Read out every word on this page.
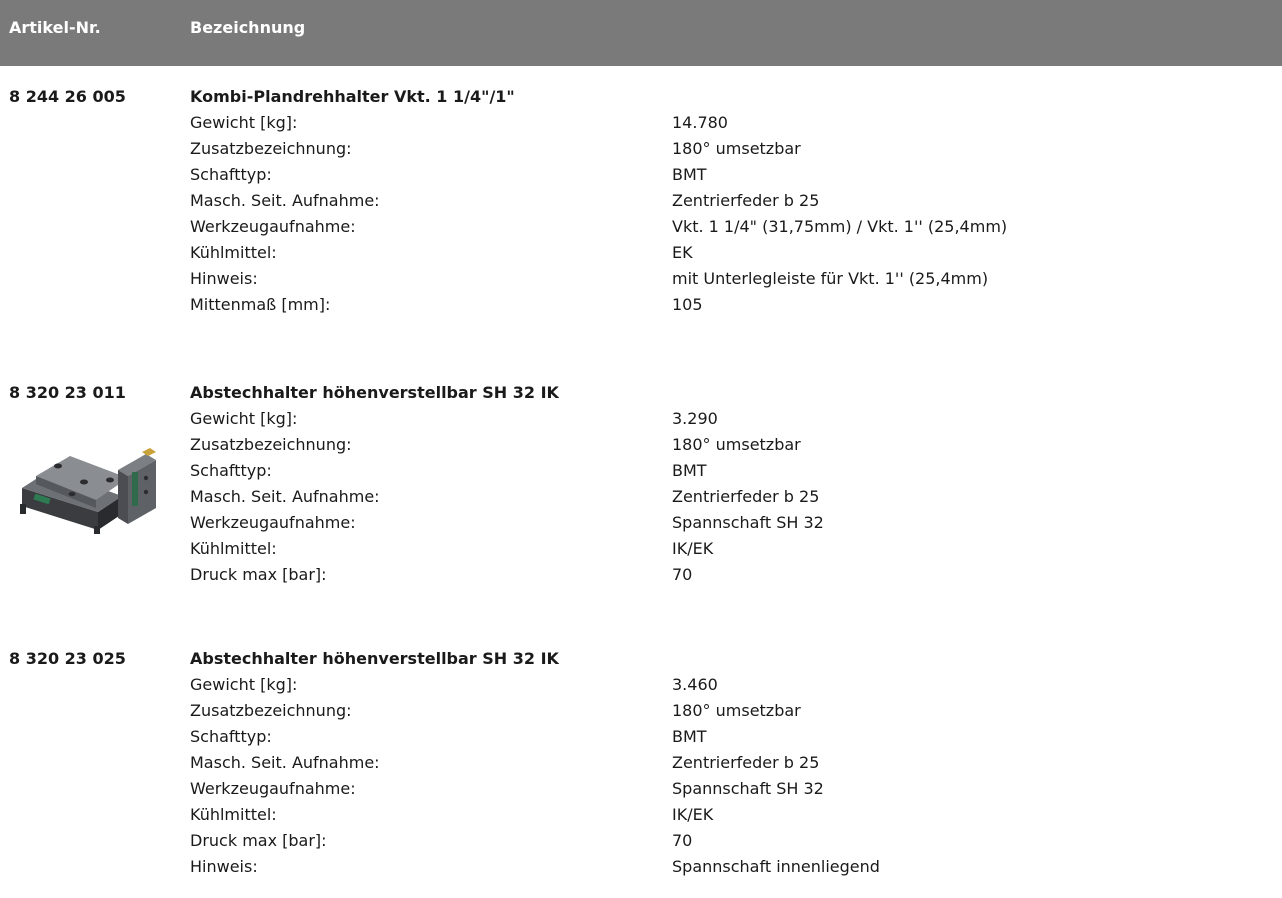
Artikel-Nr.	Bezeichnung
8 244 26 005	Kombi-Plandrehhalter Vkt. 1 1/4"/1"
Gewicht [kg]:	14.780
Zusatzbezeichnung:	180° umsetzbar
Schafttyp:	BMT
Masch. Seit. Aufnahme:	Zentrierfeder b 25
Werkzeugaufnahme:	Vkt. 1 1/4" (31,75mm) / Vkt. 1'' (25,4mm)
Kühlmittel:	EK
Hinweis:	mit Unterlegleiste für Vkt. 1'' (25,4mm)
Mittenmaß [mm]:	105
8 320 23 011	Abstechhalter höhenverstellbar SH 32 IK
Gewicht [kg]:	3.290
Zusatzbezeichnung:	180° umsetzbar
Schafttyp:	BMT
Masch. Seit. Aufnahme:	Zentrierfeder b 25
Werkzeugaufnahme:	Spannschaft SH 32
Kühlmittel:	IK/EK
Druck max [bar]:	70
8 320 23 025	Abstechhalter höhenverstellbar SH 32 IK
Gewicht [kg]:	3.460
Zusatzbezeichnung:	180° umsetzbar
Schafttyp:	BMT
Masch. Seit. Aufnahme:	Zentrierfeder b 25
Werkzeugaufnahme:	Spannschaft SH 32
Kühlmittel:	IK/EK
Druck max [bar]:	70
Hinweis:	Spannschaft innenliegend
